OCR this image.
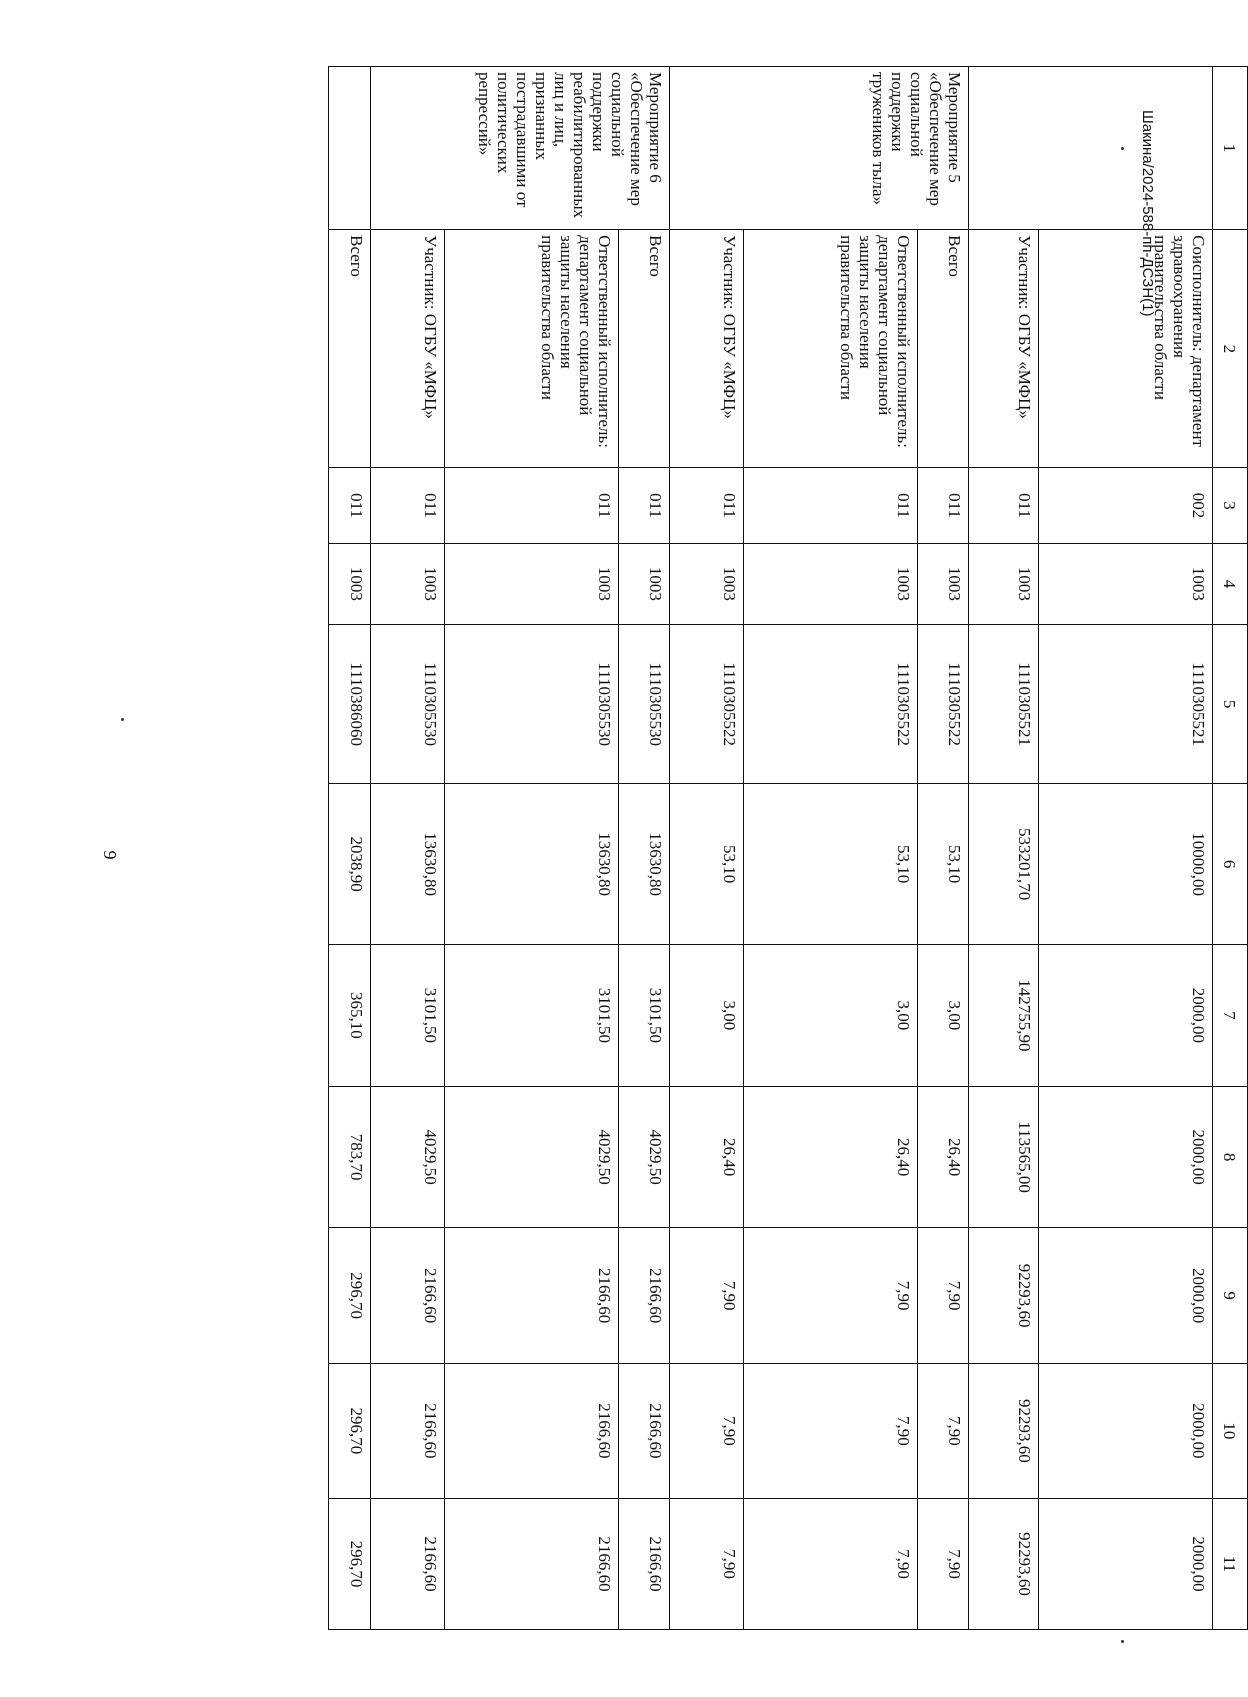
9
Шакина/2024-588-пп-ДСЗН(1)	1	2	3	4	5	6	7	8	9	10	11
	Соисполнитель: департамент здравоохранения правительства области	002	1003	1110305521	10000,00	2000,00	2000,00	2000,00	2000,00	2000,00
	Участник: ОГБУ «МФЦ»	011	1003	1110305521	533201,70	142755,90	113565,00	92293,60	92293,60	92293,60
Мероприятие 5 «Обеспечение мер социальной поддержки тружеников тыла»	Всего	011	1003	1110305522	53,10	3,00	26,40	7,90	7,90	7,90
	Ответственный исполнитель: департамент социальной защиты населения правительства области	011	1003	1110305522	53,10	3,00	26,40	7,90	7,90	7,90
	Участник: ОГБУ «МФЦ»	011	1003	1110305522	53,10	3,00	26,40	7,90	7,90	7,90
Мероприятие 6 «Обеспечение мер социальной поддержки реабилитированных лиц и лиц, признанных пострадавшими от политических репрессий»	Всего	011	1003	1110305530	13630,80	3101,50	4029,50	2166,60	2166,60	2166,60
	Ответственный исполнитель: департамент социальной защиты населения правительства области	011	1003	1110305530	13630,80	3101,50	4029,50	2166,60	2166,60	2166,60
	Участник: ОГБУ «МФЦ»	011	1003	1110305530	13630,80	3101,50	4029,50	2166,60	2166,60	2166,60
	Всего	011	1003	1110386060	2038,90	365,10	783,70	296,70	296,70	296,70
